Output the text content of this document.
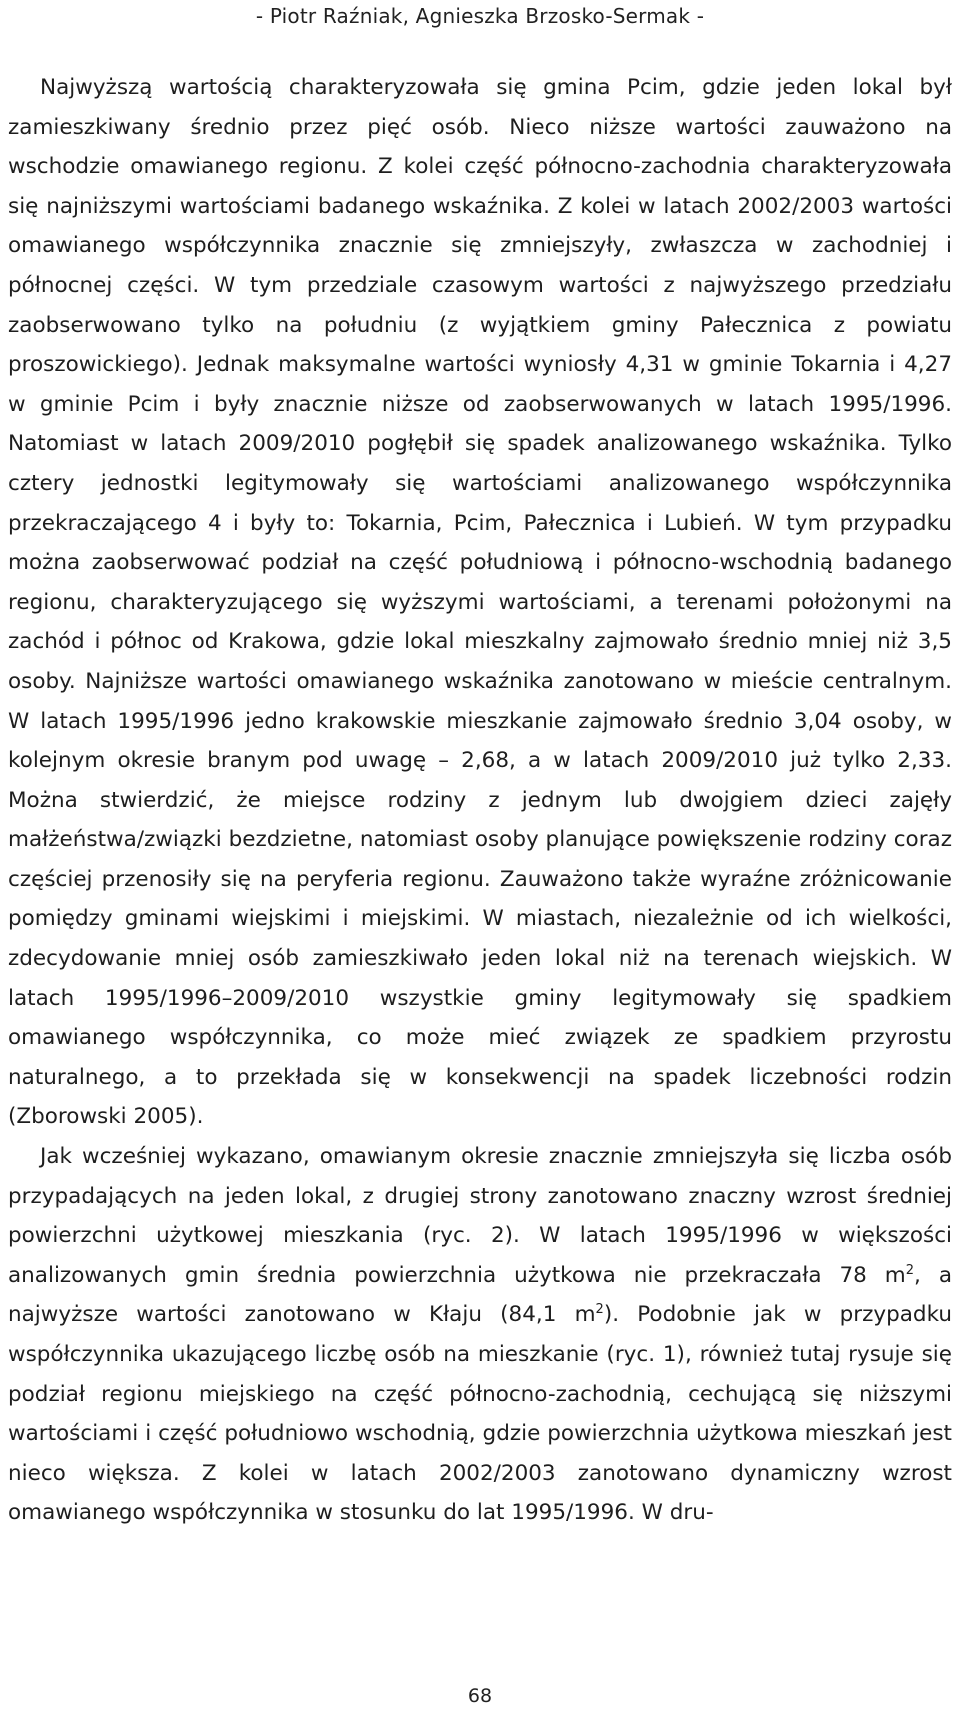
- Piotr Raźniak, Agnieszka Brzosko-Sermak -

Najwyższą wartością charakteryzowała się gmina Pcim, gdzie jeden lokal był zamieszkiwany średnio przez pięć osób. Nieco niższe wartości zauważono na wschodzie omawianego regionu. Z kolei część północno-zachodnia charakteryzowała się najniższymi wartościami badanego wskaźnika. Z kolei w latach 2002/2003 wartości omawianego współczynnika znacznie się zmniejszyły, zwłaszcza w zachodniej i północnej części. W tym przedziale czasowym wartości z najwyższego przedziału zaobserwowano tylko na południu (z wyjątkiem gminy Pałecznica z powiatu proszowickiego). Jednak maksymalne wartości wyniosły 4,31 w gminie Tokarnia i 4,27 w gminie Pcim i były znacznie niższe od zaobserwowanych w latach 1995/1996. Natomiast w latach 2009/2010 pogłębił się spadek analizowanego wskaźnika. Tylko cztery jednostki legitymowały się wartościami analizowanego współczynnika przekraczającego 4 i były to: Tokarnia, Pcim, Pałecznica i Lubień. W tym przypadku można zaobserwować podział na część południową i północno-wschodnią badanego regionu, charakteryzującego się wyższymi wartościami, a terenami położonymi na zachód i północ od Krakowa, gdzie lokal mieszkalny zajmowało średnio mniej niż 3,5 osoby. Najniższe wartości omawianego wskaźnika zanotowano w mieście centralnym. W latach 1995/1996 jedno krakowskie mieszkanie zajmowało średnio 3,04 osoby, w kolejnym okresie branym pod uwagę – 2,68, a w latach 2009/2010 już tylko 2,33. Można stwierdzić, że miejsce rodziny z jednym lub dwojgiem dzieci zajęły małżeństwa/związki bezdzietne, natomiast osoby planujące powiększenie rodziny coraz częściej przenosiły się na peryferia regionu. Zauważono także wyraźne zróżnicowanie pomiędzy gminami wiejskimi i miejskimi. W miastach, niezależnie od ich wielkości, zdecydowanie mniej osób zamieszkiwało jeden lokal niż na terenach wiejskich. W latach 1995/1996–2009/2010 wszystkie gminy legitymowały się spadkiem omawianego współczynnika, co może mieć związek ze spadkiem przyrostu naturalnego, a to przekłada się w konsekwencji na spadek liczebności rodzin (Zborowski 2005).

Jak wcześniej wykazano, omawianym okresie znacznie zmniejszyła się liczba osób przypadających na jeden lokal, z drugiej strony zanotowano znaczny wzrost średniej powierzchni użytkowej mieszkania (ryc. 2). W latach 1995/1996 w większości analizowanych gmin średnia powierzchnia użytkowa nie przekraczała 78 $m^2$, a najwyższe wartości zanotowano w Kłaju (84,1 $m^2$). Podobnie jak w przypadku współczynnika ukazującego liczbę osób na mieszkanie (ryc. 1), również tutaj rysuje się podział regionu miejskiego na część północno-zachodnią, cechującą się niższymi wartościami i część południowo wschodnią, gdzie powierzchnia użytkowa mieszkań jest nieco większa. Z kolei w latach 2002/2003 zanotowano dynamiczny wzrost omawianego współczynnika w stosunku do lat 1995/1996. W dru-

68
